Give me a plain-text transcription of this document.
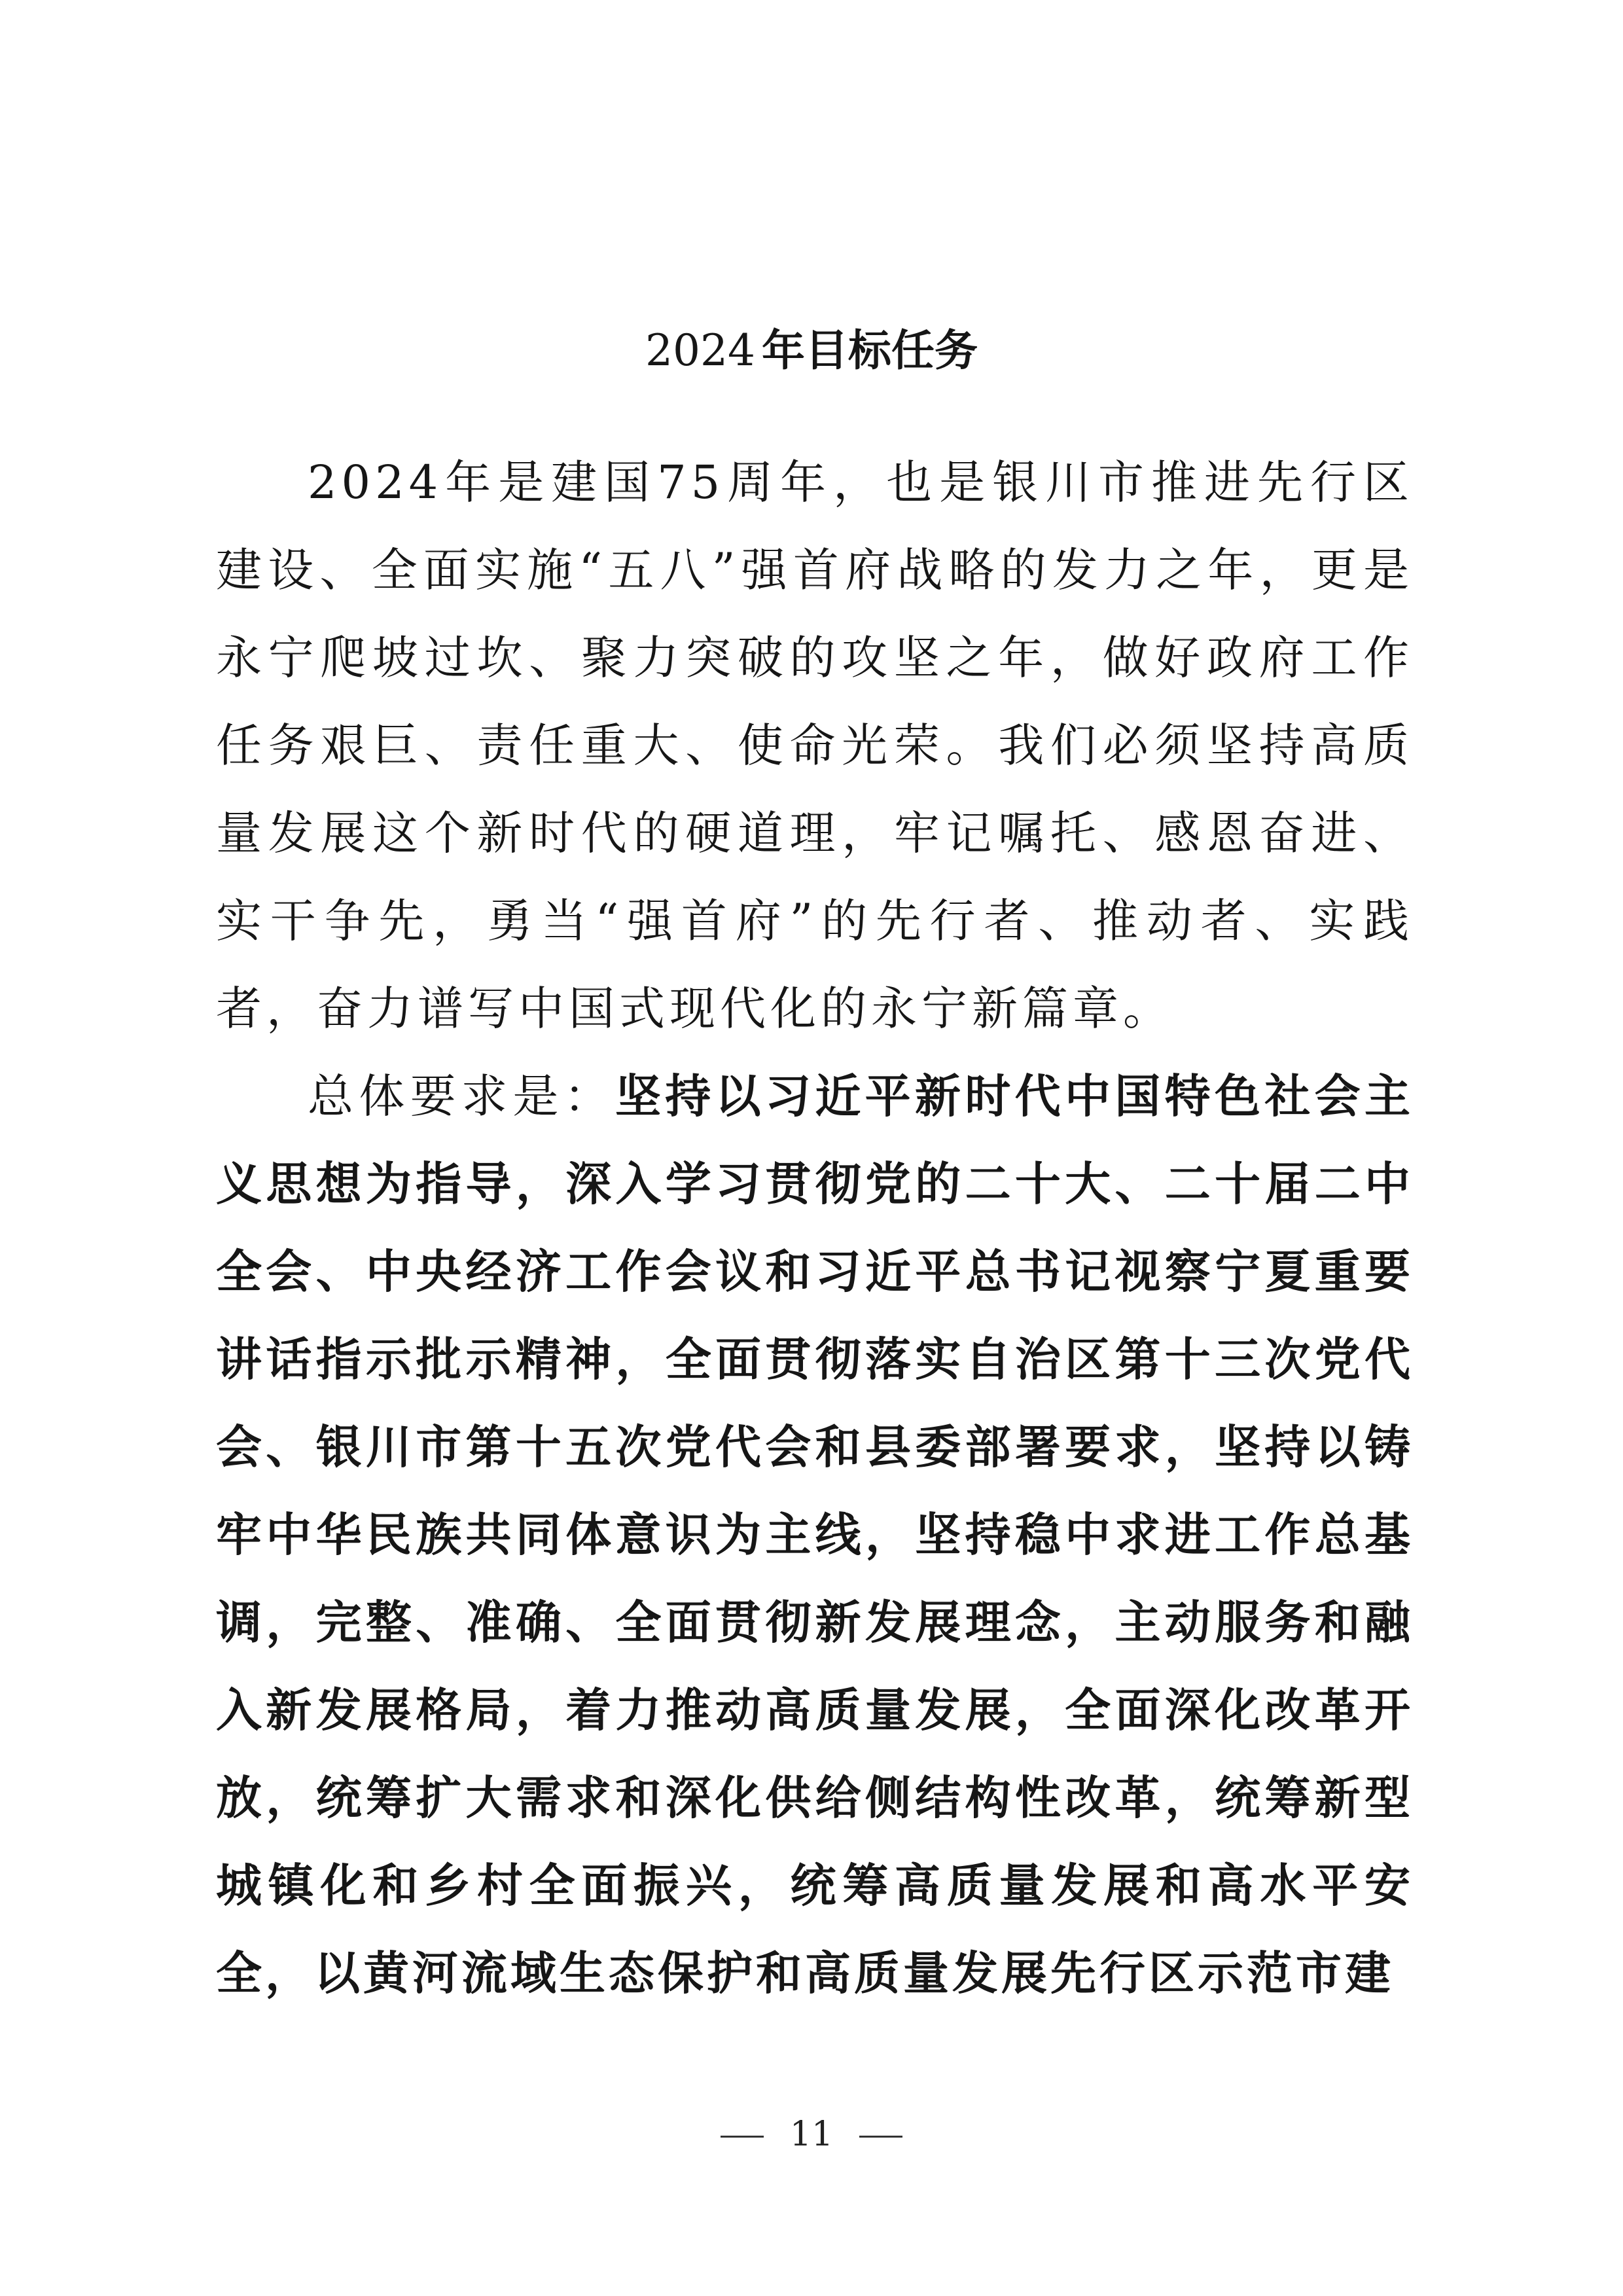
2024 年目标任务

2024年是建国75周年，也是银川市推进先行区建设、全面实施“五八”强首府战略的发力之年，更是永宁爬坡过坎、聚力突破的攻坚之年，做好政府工作任务艰巨、责任重大、使命光荣。我们必须坚持高质量发展这个新时代的硬道理，牢记嘱托、感恩奋进、实干争先，勇当“强首府”的先行者、推动者、实践者，奋力谱写中国式现代化的永宁新篇章。

总体要求是：坚持以习近平新时代中国特色社会主义思想为指导，深入学习贯彻党的二十大、二十届二中全会、中央经济工作会议和习近平总书记视察宁夏重要讲话指示批示精神，全面贯彻落实自治区第十三次党代会、银川市第十五次党代会和县委部署要求，坚持以铸牢中华民族共同体意识为主线，坚持稳中求进工作总基调，完整、准确、全面贯彻新发展理念，主动服务和融入新发展格局，着力推动高质量发展，全面深化改革开放，统筹扩大需求和深化供给侧结构性改革，统筹新型城镇化和乡村全面振兴，统筹高质量发展和高水平安全，以黄河流域生态保护和高质量发展先行区示范市建

11
